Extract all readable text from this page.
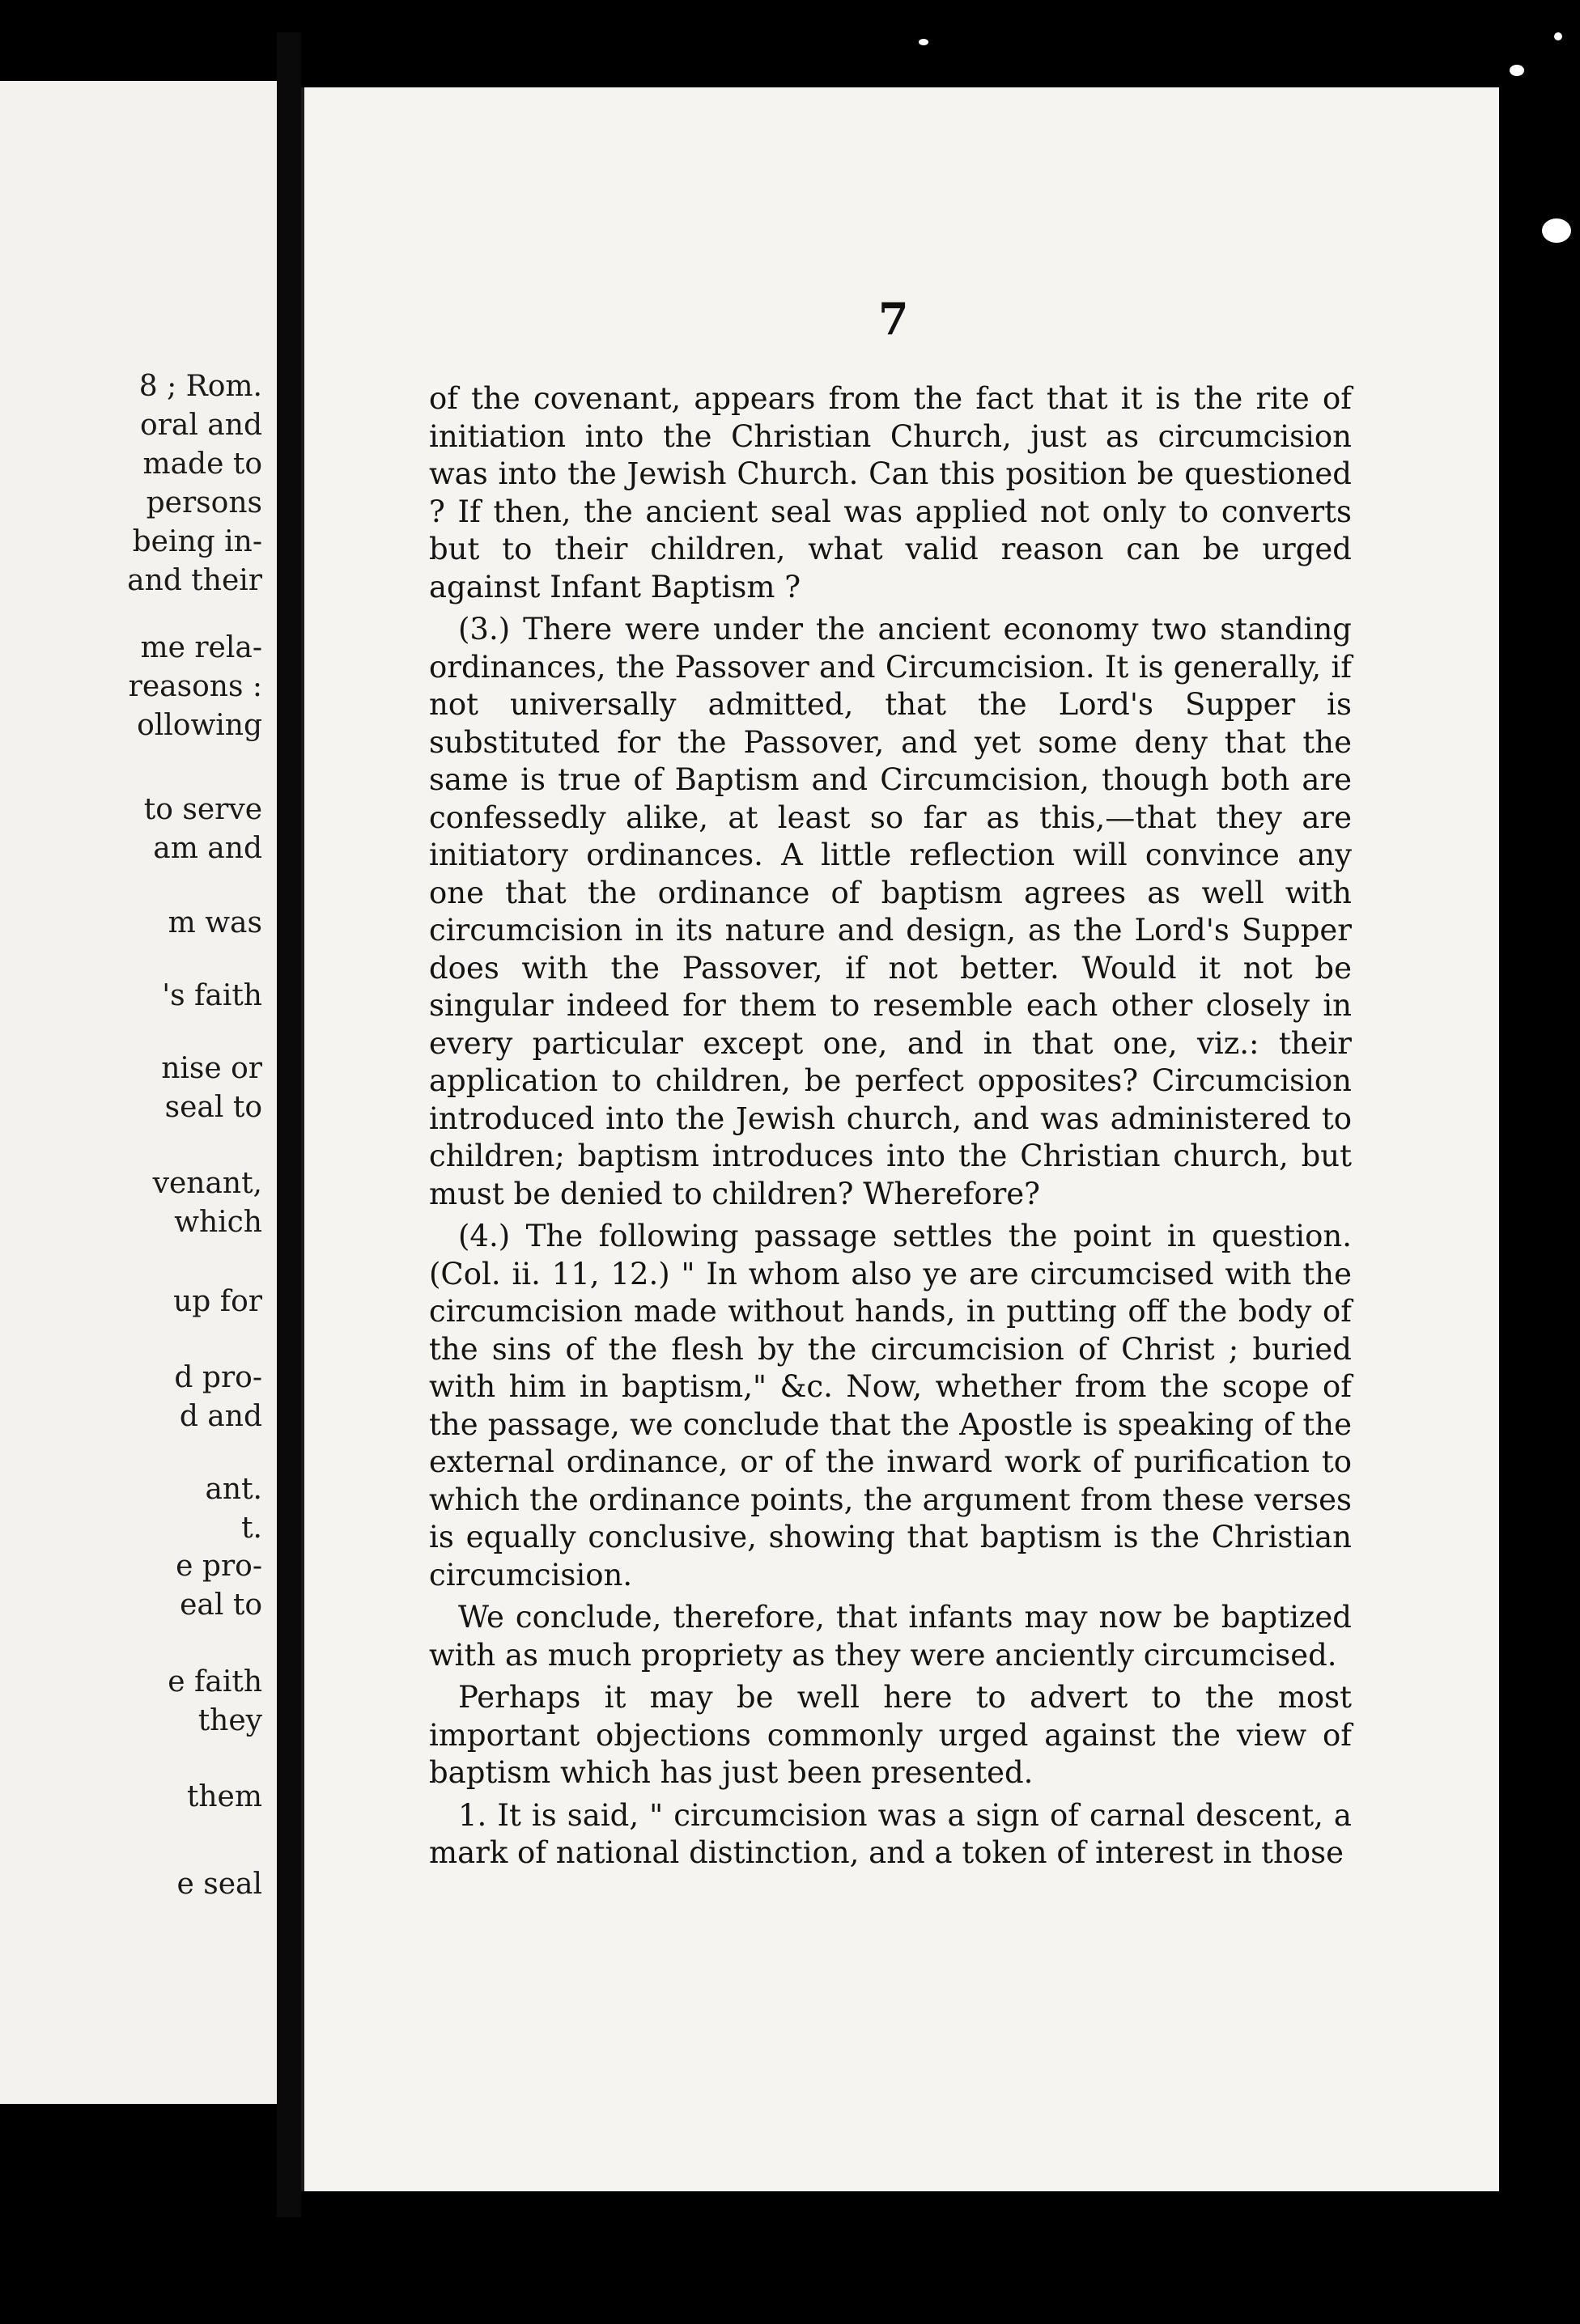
8 ; Rom.
oral and
made to
persons
being in-
and their
me rela-
reasons :
ollowing
to serve
am and
m was
's faith
nise or
seal to
venant,
which
up for
d pro-
d and
ant.
t.
e pro-
eal to
e faith
they
them
e seal
7

of the covenant, appears from the fact that it is the rite of initiation into the Christian Church, just as circumcision was into the Jewish Church. Can this position be questioned ? If then, the ancient seal was applied not only to converts but to their children, what valid reason can be urged against Infant Baptism ?

(3.) There were under the ancient economy two standing ordinances, the Passover and Circumcision. It is generally, if not universally admitted, that the Lord's Supper is substituted for the Passover, and yet some deny that the same is true of Baptism and Circumcision, though both are confessedly alike, at least so far as this,—that they are initiatory ordinances. A little reflection will convince any one that the ordinance of baptism agrees as well with circumcision in its nature and design, as the Lord's Supper does with the Passover, if not better. Would it not be singular indeed for them to resemble each other closely in every particular except one, and in that one, viz.: their application to children, be perfect opposites? Circumcision introduced into the Jewish church, and was administered to children; baptism introduces into the Christian church, but must be denied to children? Wherefore?

(4.) The following passage settles the point in question. (Col. ii. 11, 12.) " In whom also ye are circumcised with the circumcision made without hands, in putting off the body of the sins of the flesh by the circumcision of Christ ; buried with him in baptism," &c. Now, whether from the scope of the passage, we conclude that the Apostle is speaking of the external ordinance, or of the inward work of purification to which the ordinance points, the argument from these verses is equally conclusive, showing that baptism is the Christian circumcision.

We conclude, therefore, that infants may now be baptized with as much propriety as they were anciently circumcised.

Perhaps it may be well here to advert to the most important objections commonly urged against the view of baptism which has just been presented.

1. It is said, " circumcision was a sign of carnal descent, a mark of national distinction, and a token of interest in those
